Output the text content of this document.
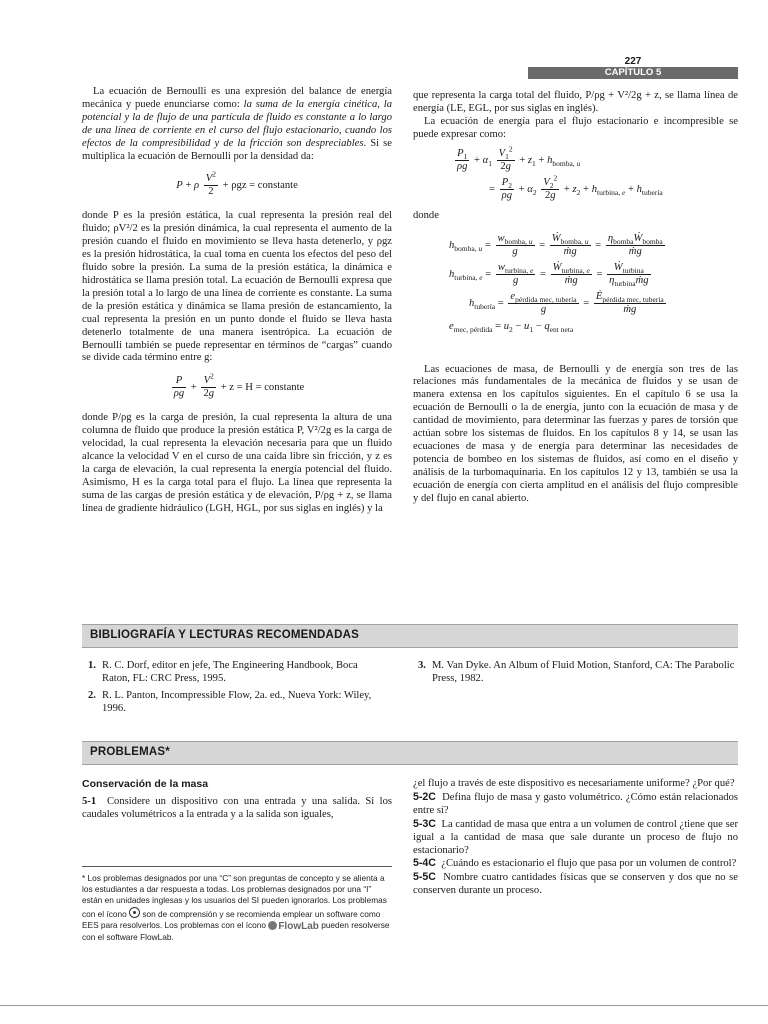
227
CAPÍTULO 5

La ecuación de Bernoulli es una expresión del balance de energía mecánica y puede enunciarse como: la suma de la energía cinética, la potencial y la de flujo de una partícula de fluido es constante a lo largo de una línea de corriente en el curso del flujo estacionario, cuando los efectos de la compresibilidad y de la fricción son despreciables. Si se multiplica la ecuación de Bernoulli por la densidad da:

P + ρ $\frac{V^2}{2} + \rho gz$ = constante

donde P es la presión estática, la cual representa la presión real del fluido; ρV²/2 es la presión dinámica, la cual representa el aumento de la presión cuando el fluido en movimiento se lleva hasta detenerlo, y ρgz es la presión hidrostática, la cual toma en cuenta los efectos del peso del fluido sobre la presión. La suma de la presión estática, la dinámica e hidrostática se llama presión total. La ecuación de Bernoulli expresa que la presión total a lo largo de una línea de corriente es constante. La suma de la presión estática y dinámica se llama presión de estancamiento, la cual representa la presión en un punto donde el fluido se lleva hasta detenerlo totalmente de una manera isentrópica. La ecuación de Bernoulli también se puede representar en términos de “cargas” cuando se divide cada término entre g:

$\frac{P}{\rho g} + \frac{V^2}{2g} + z = H$ = constante

donde P/ρg es la carga de presión, la cual representa la altura de una columna de fluido que produce la presión estática P, V²/2g es la carga de velocidad, la cual representa la elevación necesaria para que un fluido alcance la velocidad V en el curso de una caída libre sin fricción, y z es la carga de elevación, la cual representa la energía potencial del fluido. Asimismo, H es la carga total para el flujo. La línea que representa la suma de las cargas de presión estática y de elevación, P/ρg + z, se llama línea de gradiente hidráulico (LGH, HGL, por sus siglas en inglés) y la

que representa la carga total del fluido, P/ρg + V²/2g + z, se llama línea de energía (LE, EGL, por sus siglas en inglés).

La ecuación de energía para el flujo estacionario e incompresible se puede expresar como:

$\frac{P_1}{\rho g} + \alpha_1 \frac{V_1^2}{2g} + z_1 + h_{bomba, u}$
= $\frac{P_2}{\rho g} + \alpha_2 \frac{V_2^2}{2g} + z_2 + h_{turbina, e} + h_{tubería}$

donde

$h_{bomba, u} = \frac{w_{bomba, u}}{g} = \frac{Ẇ_{bomba, u}}{\text{ṁg}} = \frac{\eta_{bomba}Ẇ_{bomba}}{\text{ṁg}}$
$h_{turbina, e} = \frac{w_{turbina, e}}{g} = \frac{Ẇ_{turbina, e}}{\text{ṁg}} = \frac{Ẇ_{turbina}}{\eta_{turbina}ṁg}$
$h_{tubería} = \frac{e_{pérdida mec, tubería}}{g} = \frac{Ė_{pérdida mec, tubería}}{\text{ṁg}}$
$e_{mec, pérdida} = u_2 - u_1 - q_{ent neta}$

Las ecuaciones de masa, de Bernoulli y de energía son tres de las relaciones más fundamentales de la mecánica de fluidos y se usan de manera extensa en los capítulos siguientes. En el capítulo 6 se usa la ecuación de Bernoulli o la de energía, junto con la ecuación de masa y de cantidad de movimiento, para determinar las fuerzas y pares de torsión que actúan sobre los sistemas de fluidos. En los capítulos 8 y 14, se usan las ecuaciones de masa y de energía para determinar las necesidades de potencia de bombeo en los sistemas de fluidos, así como en el diseño y análisis de la turbomaquinaria. En los capítulos 12 y 13, también se usa la ecuación de energía con cierta amplitud en el análisis del flujo compresible y del flujo en canal abierto.

BIBLIOGRAFÍA Y LECTURAS RECOMENDADAS
1. R. C. Dorf, editor en jefe, The Engineering Handbook, Boca Raton, FL: CRC Press, 1995.
2. R. L. Panton, Incompressible Flow, 2a. ed., Nueva York: Wiley, 1996.
3. M. Van Dyke. An Album of Fluid Motion, Stanford, CA: The Parabolic Press, 1982.
PROBLEMAS*
Conservación de la masa

5-1 Considere un dispositivo con una entrada y una salida. Si los caudales volumétricos a la entrada y a la salida son iguales,

* Los problemas designados por una “C” son preguntas de concepto y se alienta a los estudiantes a dar respuesta a todas. Los problemas designados por una “I” están en unidades inglesas y los usuarios del SI pueden ignorarlos. Los problemas con el ícono son de comprensión y se recomienda emplear un software como EES para resolverlos. Los problemas con el ícono FlowLab pueden resolverse con el software FlowLab.

¿el flujo a través de este dispositivo es necesariamente uniforme? ¿Por qué?

5-2C Defina flujo de masa y gasto volumétrico. ¿Cómo están relacionados entre sí?

5-3C La cantidad de masa que entra a un volumen de control ¿tiene que ser igual a la cantidad de masa que sale durante un proceso de flujo no estacionario?

5-4C ¿Cuándo es estacionario el flujo que pasa por un volumen de control?

5-5C Nombre cuatro cantidades físicas que se conserven y dos que no se conserven durante un proceso.
